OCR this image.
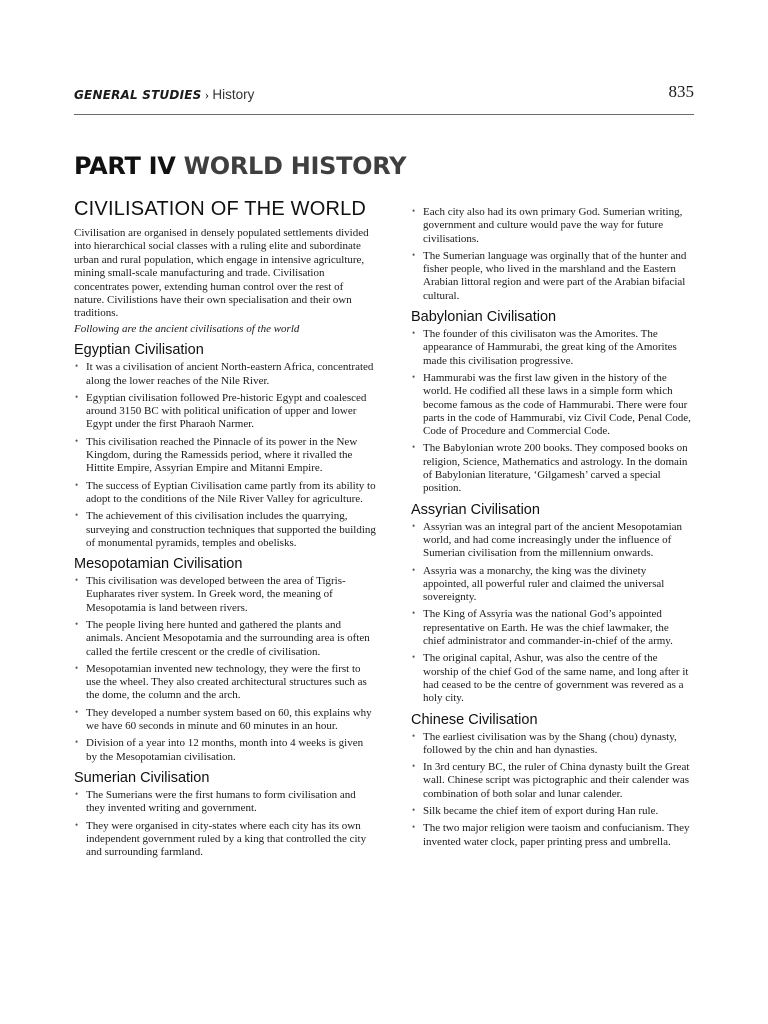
GENERAL STUDIES › History	835
PART IV WORLD HISTORY
CIVILISATION OF THE WORLD

Civilisation are organised in densely populated settlements divided into hierarchical social classes with a ruling elite and subordinate urban and rural population, which engage in intensive agriculture, mining small-scale manufacturing and trade. Civilisation concentrates power, extending human control over the rest of nature. Civilistions have their own specialisation and their own traditions.

Following are the ancient civilisations of the world

Egyptian Civilisation
• It was a civilisation of ancient North-eastern Africa, concentrated along the lower reaches of the Nile River.
• Egyptian civilisation followed Pre-historic Egypt and coalesced around 3150 BC with political unification of upper and lower Egypt under the first Pharaoh Narmer.
• This civilisation reached the Pinnacle of its power in the New Kingdom, during the Ramessids period, where it rivalled the Hittite Empire, Assyrian Empire and Mitanni Empire.
• The success of Eyptian Civilisation came partly from its ability to adopt to the conditions of the Nile River Valley for agriculture.
• The achievement of this civilisation includes the quarrying, surveying and construction techniques that supported the building of monumental pyramids, temples and obelisks.
Mesopotamian Civilisation
• This civilisation was developed between the area of Tigris-Eupharates river system. In Greek word, the meaning of Mesopotamia is land between rivers.
• The people living here hunted and gathered the plants and animals. Ancient Mesopotamia and the surrounding area is often called the fertile crescent or the credle of civilisation.
• Mesopotamian invented new technology, they were the first to use the wheel. They also created architectural structures such as the dome, the column and the arch.
• They developed a number system based on 60, this explains why we have 60 seconds in minute and 60 minutes in an hour.
• Division of a year into 12 months, month into 4 weeks is given by the Mesopotamian civilisation.
Sumerian Civilisation
• The Sumerians were the first humans to form civilisation and they invented writing and government.
• They were organised in city-states where each city has its own independent government ruled by a king that controlled the city and surrounding farmland.
• Each city also had its own primary God. Sumerian writing, government and culture would pave the way for future civilisations.
• The Sumerian language was orginally that of the hunter and fisher people, who lived in the marshland and the Eastern Arabian littoral region and were part of the Arabian bifacial cultural.
Babylonian Civilisation
• The founder of this civilisaton was the Amorites. The appearance of Hammurabi, the great king of the Amorites made this civilisation progressive.
• Hammurabi was the first law given in the history of the world. He codified all these laws in a simple form which become famous as the code of Hammurabi. There were four parts in the code of Hammurabi, viz Civil Code, Penal Code, Code of Procedure and Commercial Code.
• The Babylonian wrote 200 books. They composed books on religion, Science, Mathematics and astrology. In the domain of Babylonian literature, ‘Gilgamesh’ carved a special position.
Assyrian Civilisation
• Assyrian was an integral part of the ancient Mesopotamian world, and had come increasingly under the influence of Sumerian civilisation from the millennium onwards.
• Assyria was a monarchy, the king was the divinety appointed, all powerful ruler and claimed the universal sovereignty.
• The King of Assyria was the national God’s appointed representative on Earth. He was the chief lawmaker, the chief administrator and commander-in-chief of the army.
• The original capital, Ashur, was also the centre of the worship of the chief God of the same name, and long after it had ceased to be the centre of government was revered as a holy city.
Chinese Civilisation
• The earliest civilisation was by the Shang (chou) dynasty, followed by the chin and han dynasties.
• In 3rd century BC, the ruler of China dynasty built the Great wall. Chinese script was pictographic and their calender was combination of both solar and lunar calender.
• Silk became the chief item of export during Han rule.
• The two major religion were taoism and confucianism. They invented water clock, paper printing press and umbrella.
